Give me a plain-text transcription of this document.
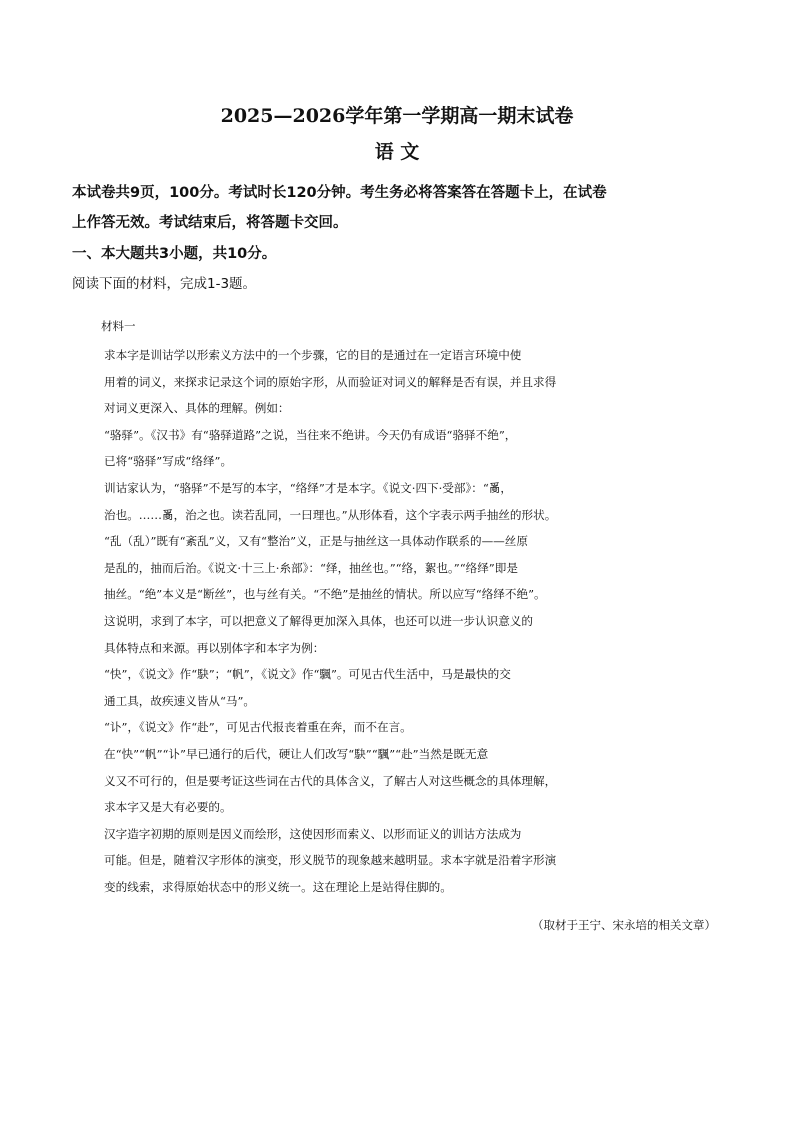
2025—2026学年第一学期高一期末试卷
语 文

本试卷共9页，100分。考试时长120分钟。考生务必将答案答在答题卡上，在试卷

上作答无效。考试结束后，将答题卡交回。

一、本大题共3小题，共10分。

阅读下面的材料，完成1-3题。

材料一

求本字是训诂学以形索义方法中的一个步骤，它的目的是通过在一定语言环境中使
用着的词义，来探求记录这个词的原始字形，从而验证对词义的解释是否有误，并且求得
对词义更深入、具体的理解。例如：
“骆驿”。《汉书》有“骆驿道路”之说，当往来不绝讲。今天仍有成语“骆驿不绝”，
已将“骆驿”写成“络绎”。
训诂家认为，“骆驿”不是写的本字，“络绎”才是本字。《说文·四下·受部》：“𤔔，
治也。……𤔔，治之也。读若乱同，一曰理也。”从形体看，这个字表示两手抽丝的形状。
“乱（乱）”既有“紊乱”义，又有“整治”义，正是与抽丝这一具体动作联系的——丝原
是乱的，抽而后治。《说文·十三上·糸部》：“绎，抽丝也。”“络，絮也。”“络绎”即是
抽丝。“绝”本义是“断丝”，也与丝有关。“不绝”是抽丝的情状。所以应写“络绎不绝”。
这说明，求到了本字，可以把意义了解得更加深入具体，也还可以进一步认识意义的
具体特点和来源。再以别体字和本字为例：
“快”，《说文》作“駃”；“帆”，《说文》作“颿”。可见古代生活中，马是最快的交
通工具，故疾速义皆从“马”。
“讣”，《说文》作“赴”，可见古代报丧着重在奔，而不在言。
在“快”“帆”“讣”早已通行的后代，硬让人们改写“駃”“颿”“赴”当然是既无意
义又不可行的，但是要考证这些词在古代的具体含义，了解古人对这些概念的具体理解，
求本字又是大有必要的。
汉字造字初期的原则是因义而绘形，这使因形而索义、以形而证义的训诂方法成为
可能。但是，随着汉字形体的演变，形义脱节的现象越来越明显。求本字就是沿着字形演
变的线索，求得原始状态中的形义统一。这在理论上是站得住脚的。

（取材于王宁、宋永培的相关文章）
